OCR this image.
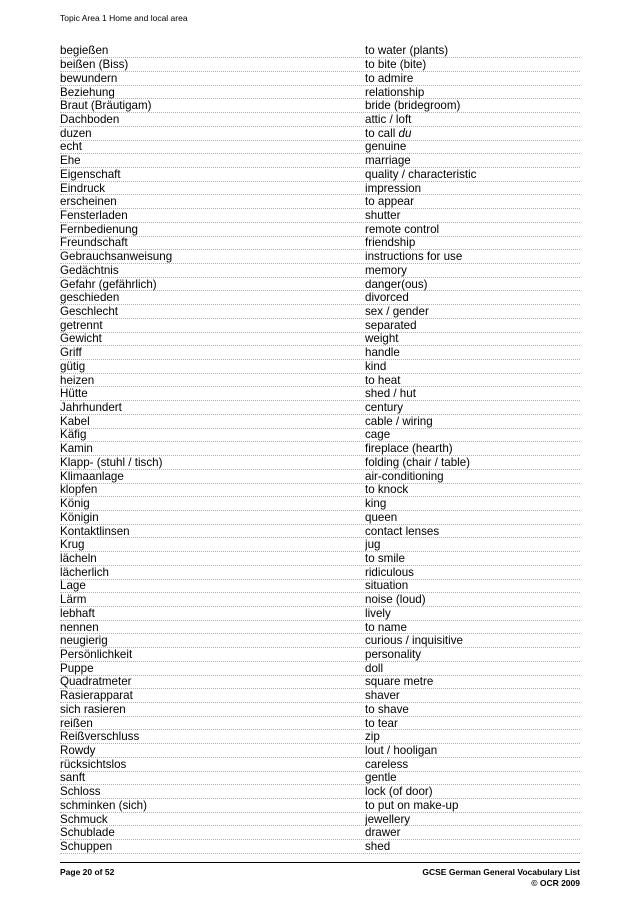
Topic Area 1 Home and local area
begießen	to water (plants)
beißen (Biss)	to bite (bite)
bewundern	to admire
Beziehung	relationship
Braut (Bräutigam)	bride (bridegroom)
Dachboden	attic / loft
duzen	to call du
echt	genuine
Ehe	marriage
Eigenschaft	quality / characteristic
Eindruck	impression
erscheinen	to appear
Fensterladen	shutter
Fernbedienung	remote control
Freundschaft	friendship
Gebrauchsanweisung	instructions for use
Gedächtnis	memory
Gefahr (gefährlich)	danger(ous)
geschieden	divorced
Geschlecht	sex / gender
getrennt	separated
Gewicht	weight
Griff	handle
gütig	kind
heizen	to heat
Hütte	shed / hut
Jahrhundert	century
Kabel	cable / wiring
Käfig	cage
Kamin	fireplace (hearth)
Klapp- (stuhl / tisch)	folding (chair / table)
Klimaanlage	air-conditioning
klopfen	to knock
König	king
Königin	queen
Kontaktlinsen	contact lenses
Krug	jug
lächeln	to smile
lächerlich	ridiculous
Lage	situation
Lärm	noise (loud)
lebhaft	lively
nennen	to name
neugierig	curious / inquisitive
Persönlichkeit	personality
Puppe	doll
Quadratmeter	square metre
Rasierapparat	shaver
sich rasieren	to shave
reißen	to tear
Reißverschluss	zip
Rowdy	lout / hooligan
rücksichtslos	careless
sanft	gentle
Schloss	lock (of door)
schminken (sich)	to put on make-up
Schmuck	jewellery
Schublade	drawer
Schuppen	shed
Page 20 of 52	GCSE German General Vocabulary List
© OCR 2009
